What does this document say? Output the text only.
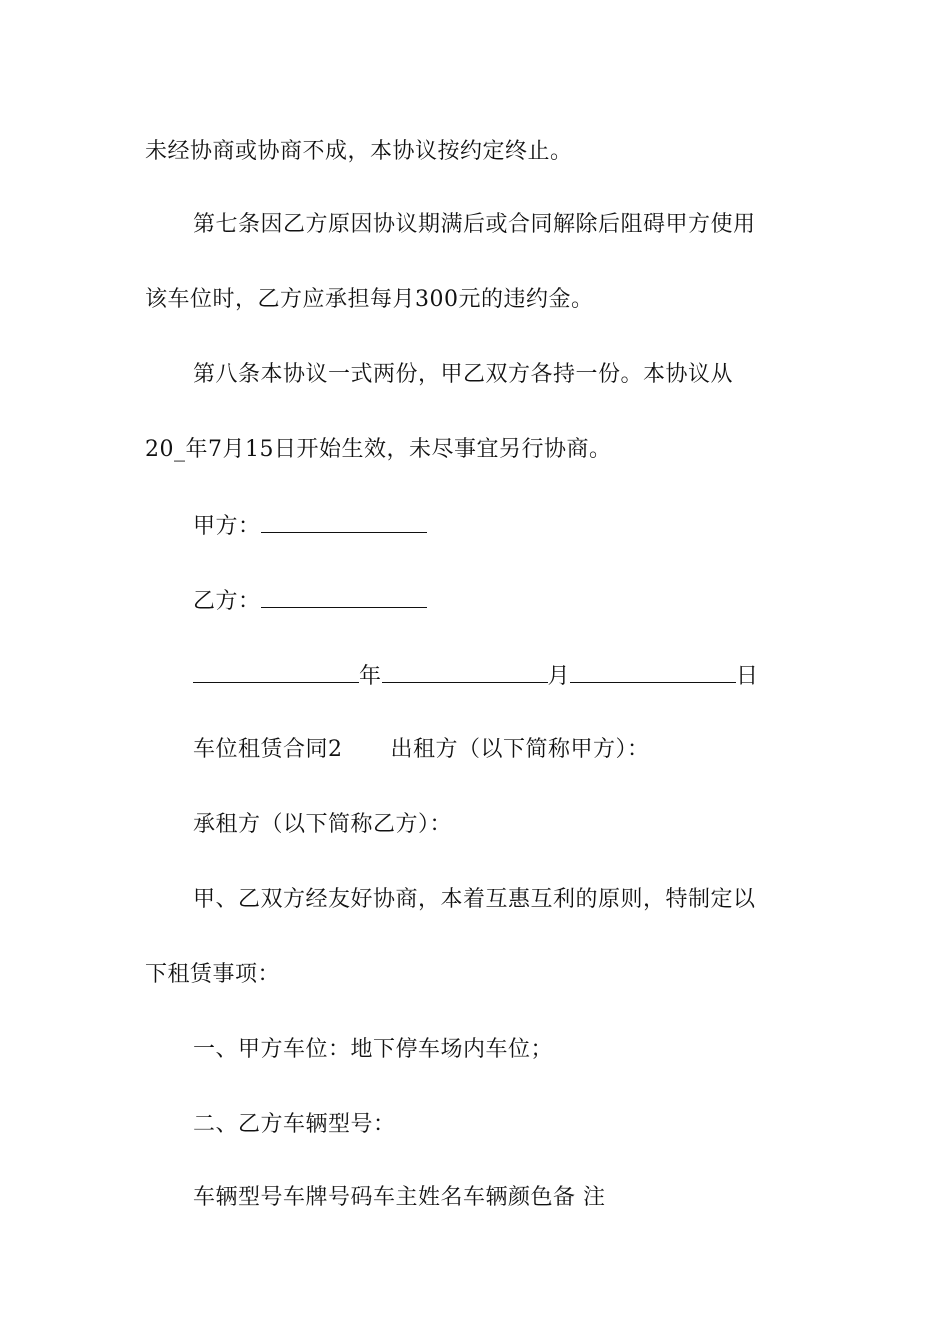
未经协商或协商不成，本协议按约定终止。
第七条因乙方原因协议期满后或合同解除后阻碍甲方使用
该车位时，乙方应承担每月300元的违约金。
第八条本协议一式两份，甲乙双方各持一份。本协议从
20_年7月15日开始生效，未尽事宜另行协商。
甲方：
乙方：
年	月	日
车位租赁合同2 出租方（以下简称甲方）：
承租方（以下简称乙方）：
甲、乙双方经友好协商，本着互惠互利的原则，特制定以
下租赁事项：
一、甲方车位：地下停车场内车位；
二、乙方车辆型号：
车辆型号车牌号码车主姓名车辆颜色备 注
